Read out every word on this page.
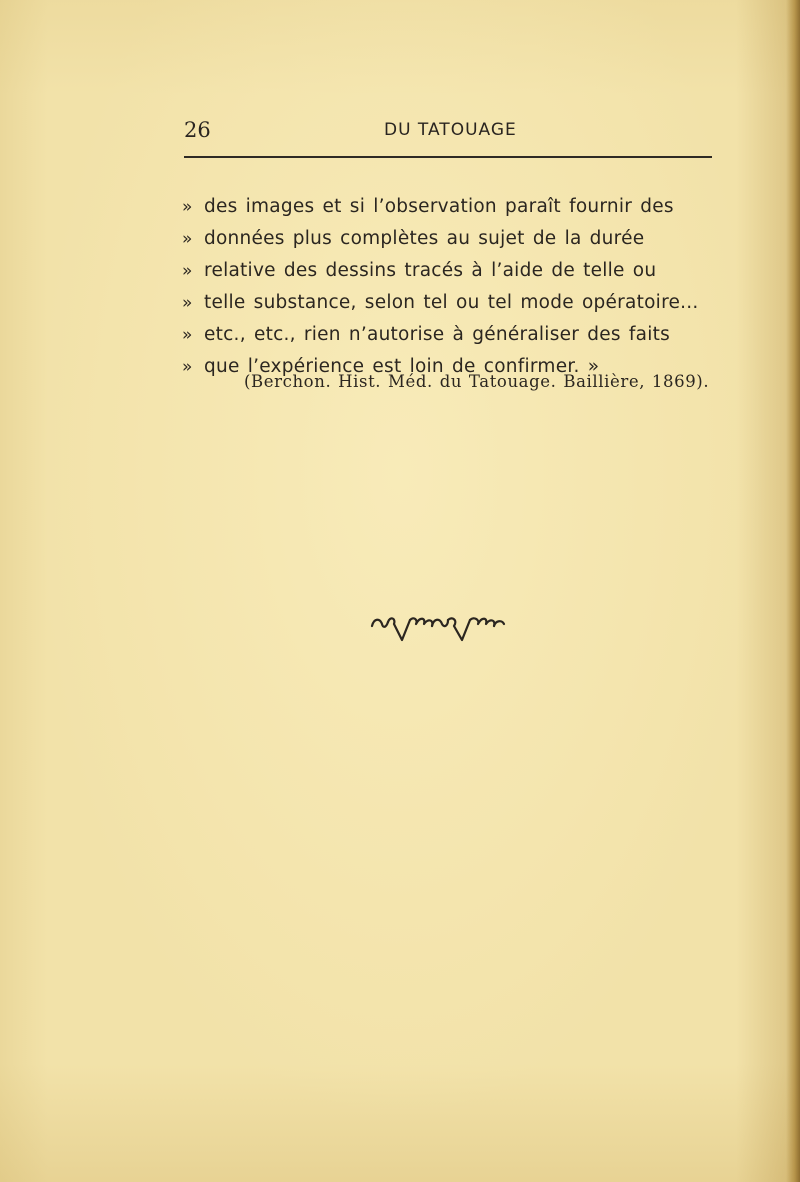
26	DU TATOUAGE
» des images et si l’observation paraît fournir des
» données plus complètes au sujet de la durée
» relative des dessins tracés à l’aide de telle ou
» telle substance, selon tel ou tel mode opératoire...
» etc., etc., rien n’autorise à généraliser des faits
» que l’expérience est loin de confirmer. »
(Berchon. Hist. Méd. du Tatouage. Baillière, 1869).
